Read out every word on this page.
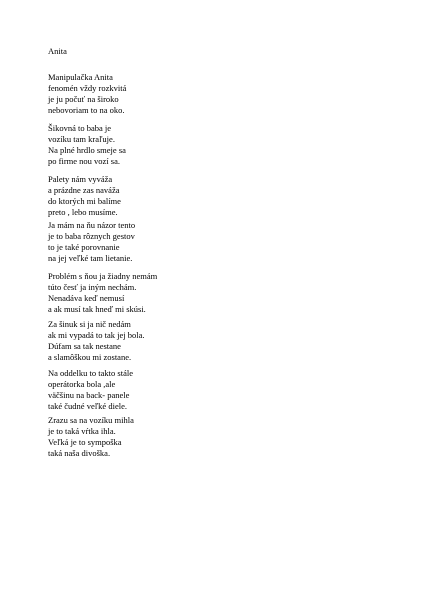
Anita
Manipulačka Anita
fenomén vždy rozkvitá
je ju počuť na široko
nebovoriam to na oko.
Šikovná to baba je
vozíku tam kraľuje.
Na plné hrdlo smeje sa
po firme nou vozí sa.
Palety nám vyváža
a prázdne zas naváža
do ktorých mi balíme
preto , lebo musíme.
Ja mám na ňu názor tento
je to baba rôznych gestov
to je také porovnanie
na jej veľké tam lietanie.
Problém s ňou ja žiadny nemám
túto česť ja iným nechám.
Nenadáva keď nemusí
a ak musí tak hneď mi skúsi.
Za šinuk si ja nič nedám
ak mi vypadá to tak jej bola.
Dúfam sa tak nestane
a slamôškou mi zostane.
Na oddelku to takto stále
operátorka bola ,ale
väčšinu na back- panele
také čudné veľké diele.
Zrazu sa na vozíku mihla
je to taká vŕtka ihla.
Veľká je to sympoška
taká naša divoška.
